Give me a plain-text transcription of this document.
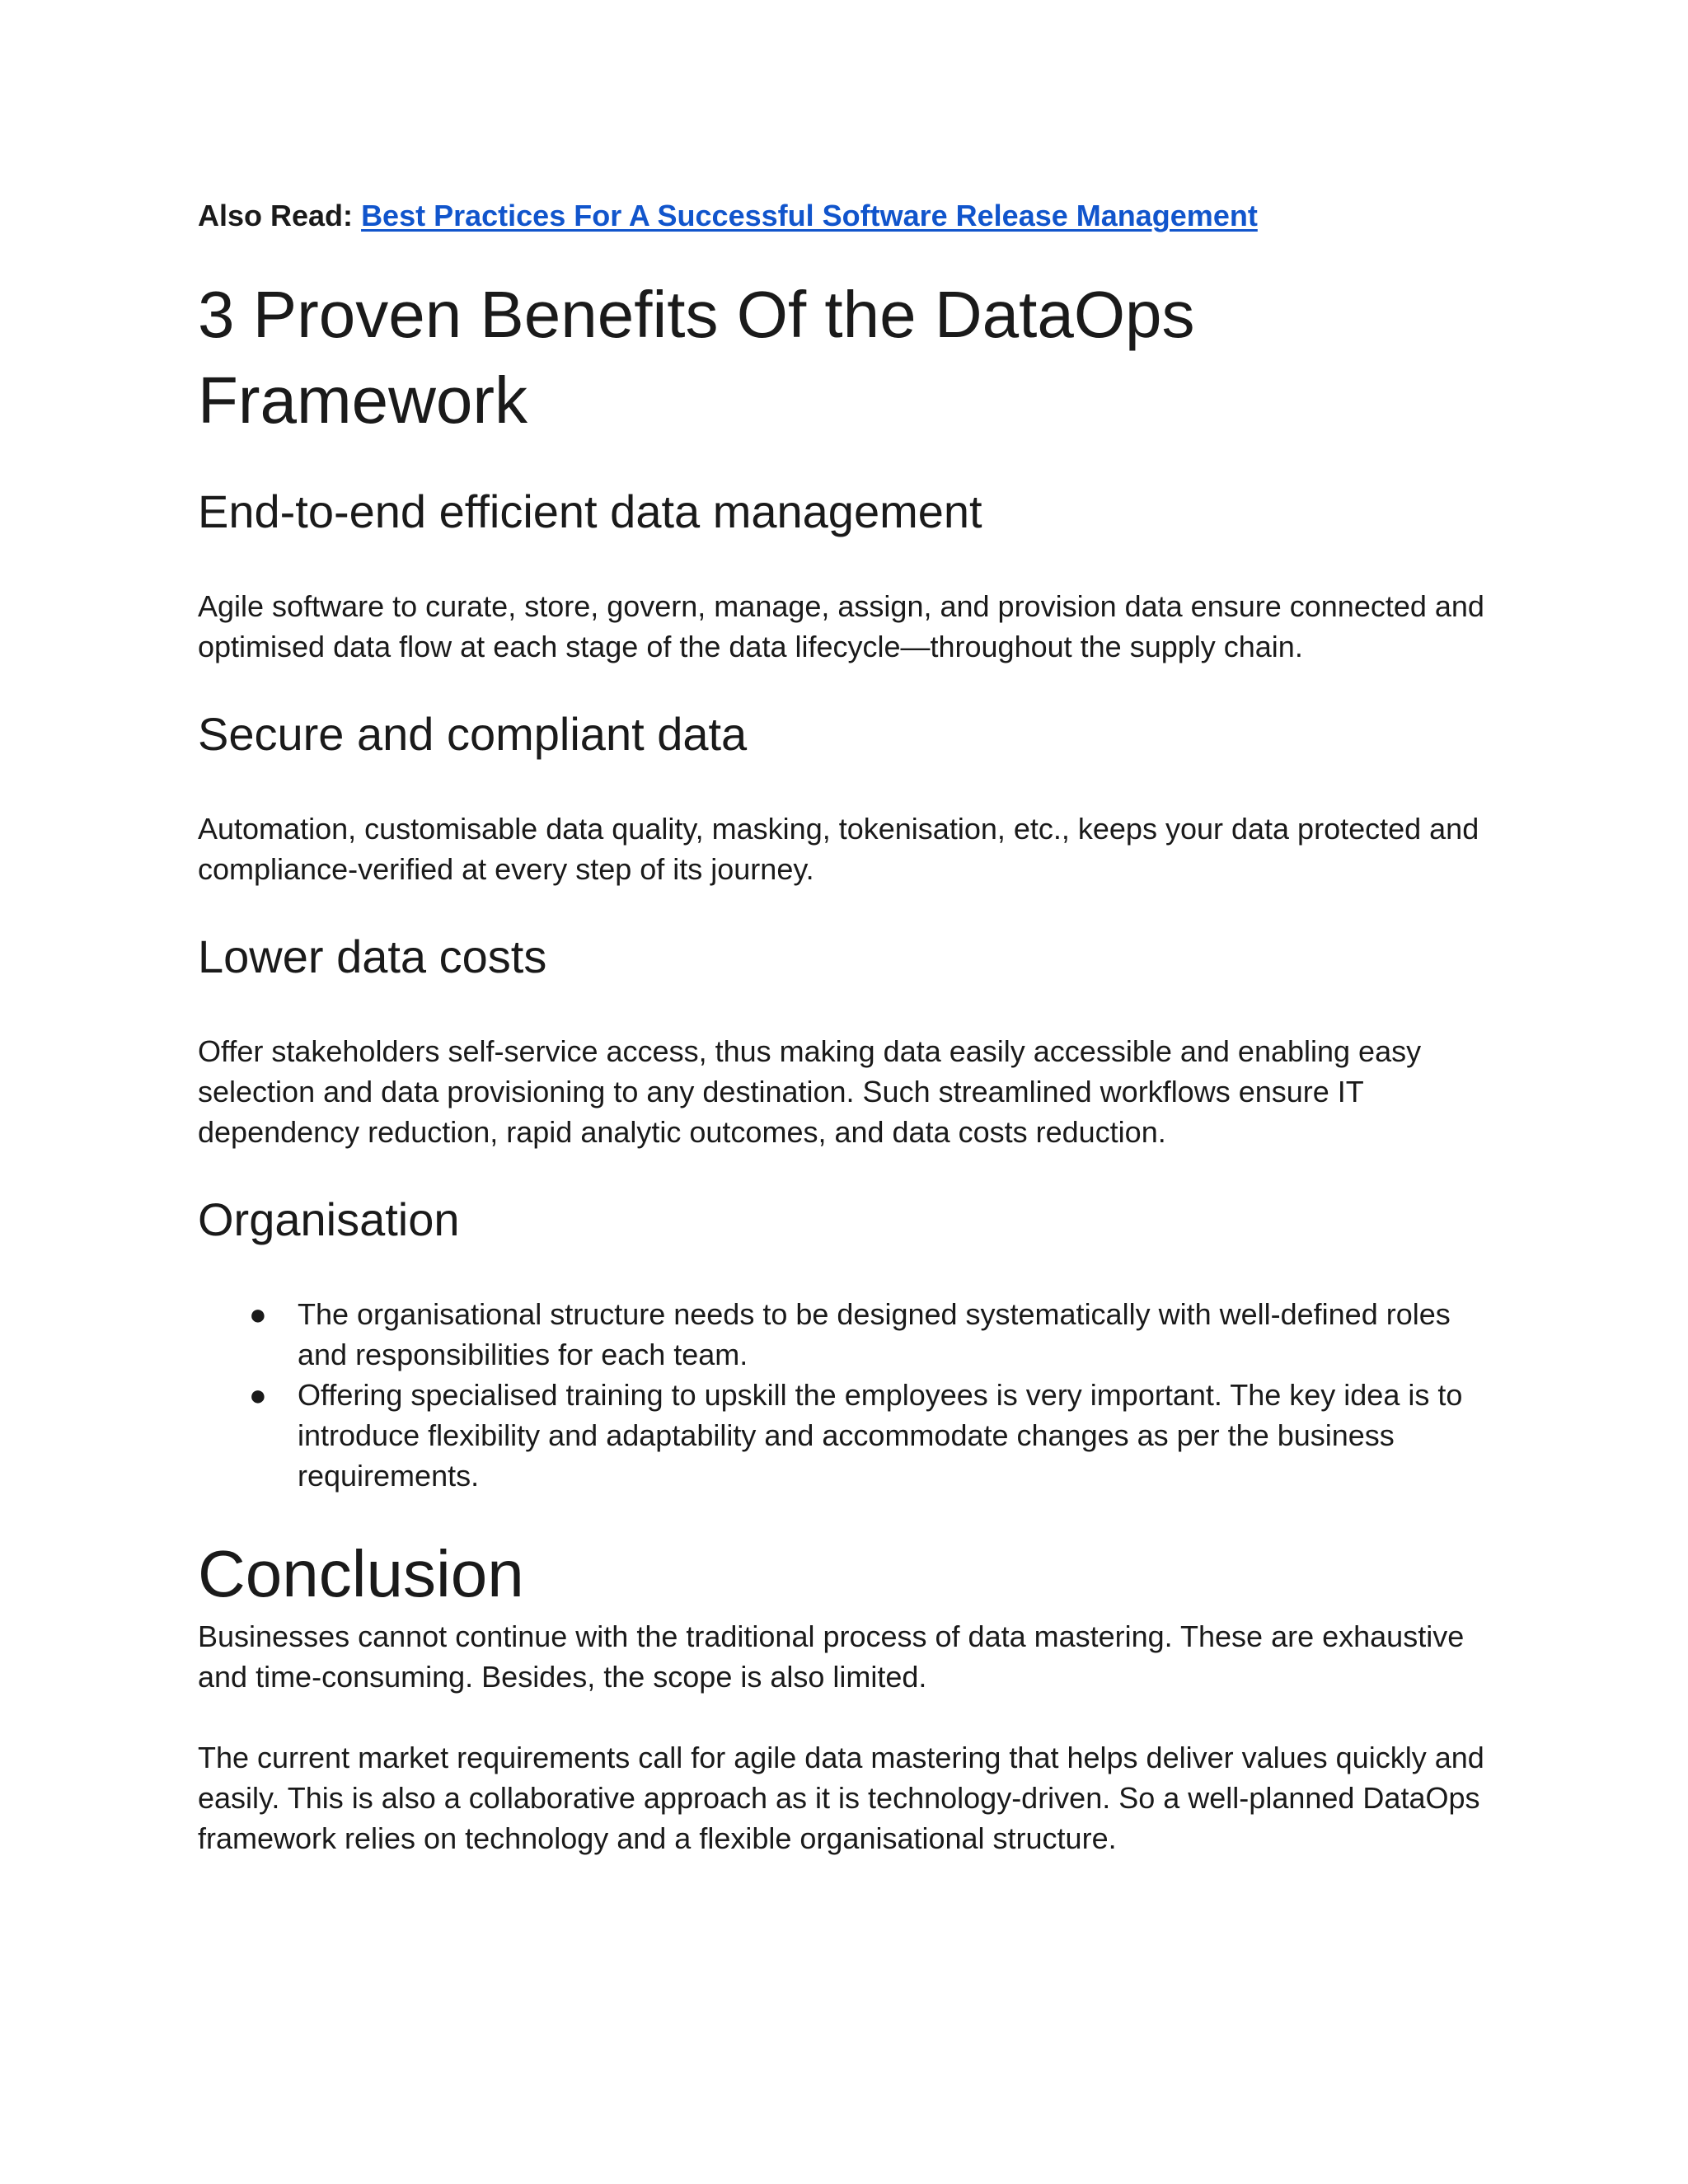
Also Read: Best Practices For A Successful Software Release Management
3 Proven Benefits Of the DataOps Framework
End-to-end efficient data management

Agile software to curate, store, govern, manage, assign, and provision data ensure connected and optimised data flow at each stage of the data lifecycle—throughout the supply chain.

Secure and compliant data

Automation, customisable data quality, masking, tokenisation, etc., keeps your data protected and compliance-verified at every step of its journey.

Lower data costs

Offer stakeholders self-service access, thus making data easily accessible and enabling easy selection and data provisioning to any destination. Such streamlined workflows ensure IT dependency reduction, rapid analytic outcomes, and data costs reduction.

Organisation
● The organisational structure needs to be designed systematically with well-defined roles and responsibilities for each team.
● Offering specialised training to upskill the employees is very important. The key idea is to introduce flexibility and adaptability and accommodate changes as per the business requirements.
Conclusion

Businesses cannot continue with the traditional process of data mastering. These are exhaustive and time-consuming. Besides, the scope is also limited.

The current market requirements call for agile data mastering that helps deliver values quickly and easily. This is also a collaborative approach as it is technology-driven. So a well-planned DataOps framework relies on technology and a flexible organisational structure.
